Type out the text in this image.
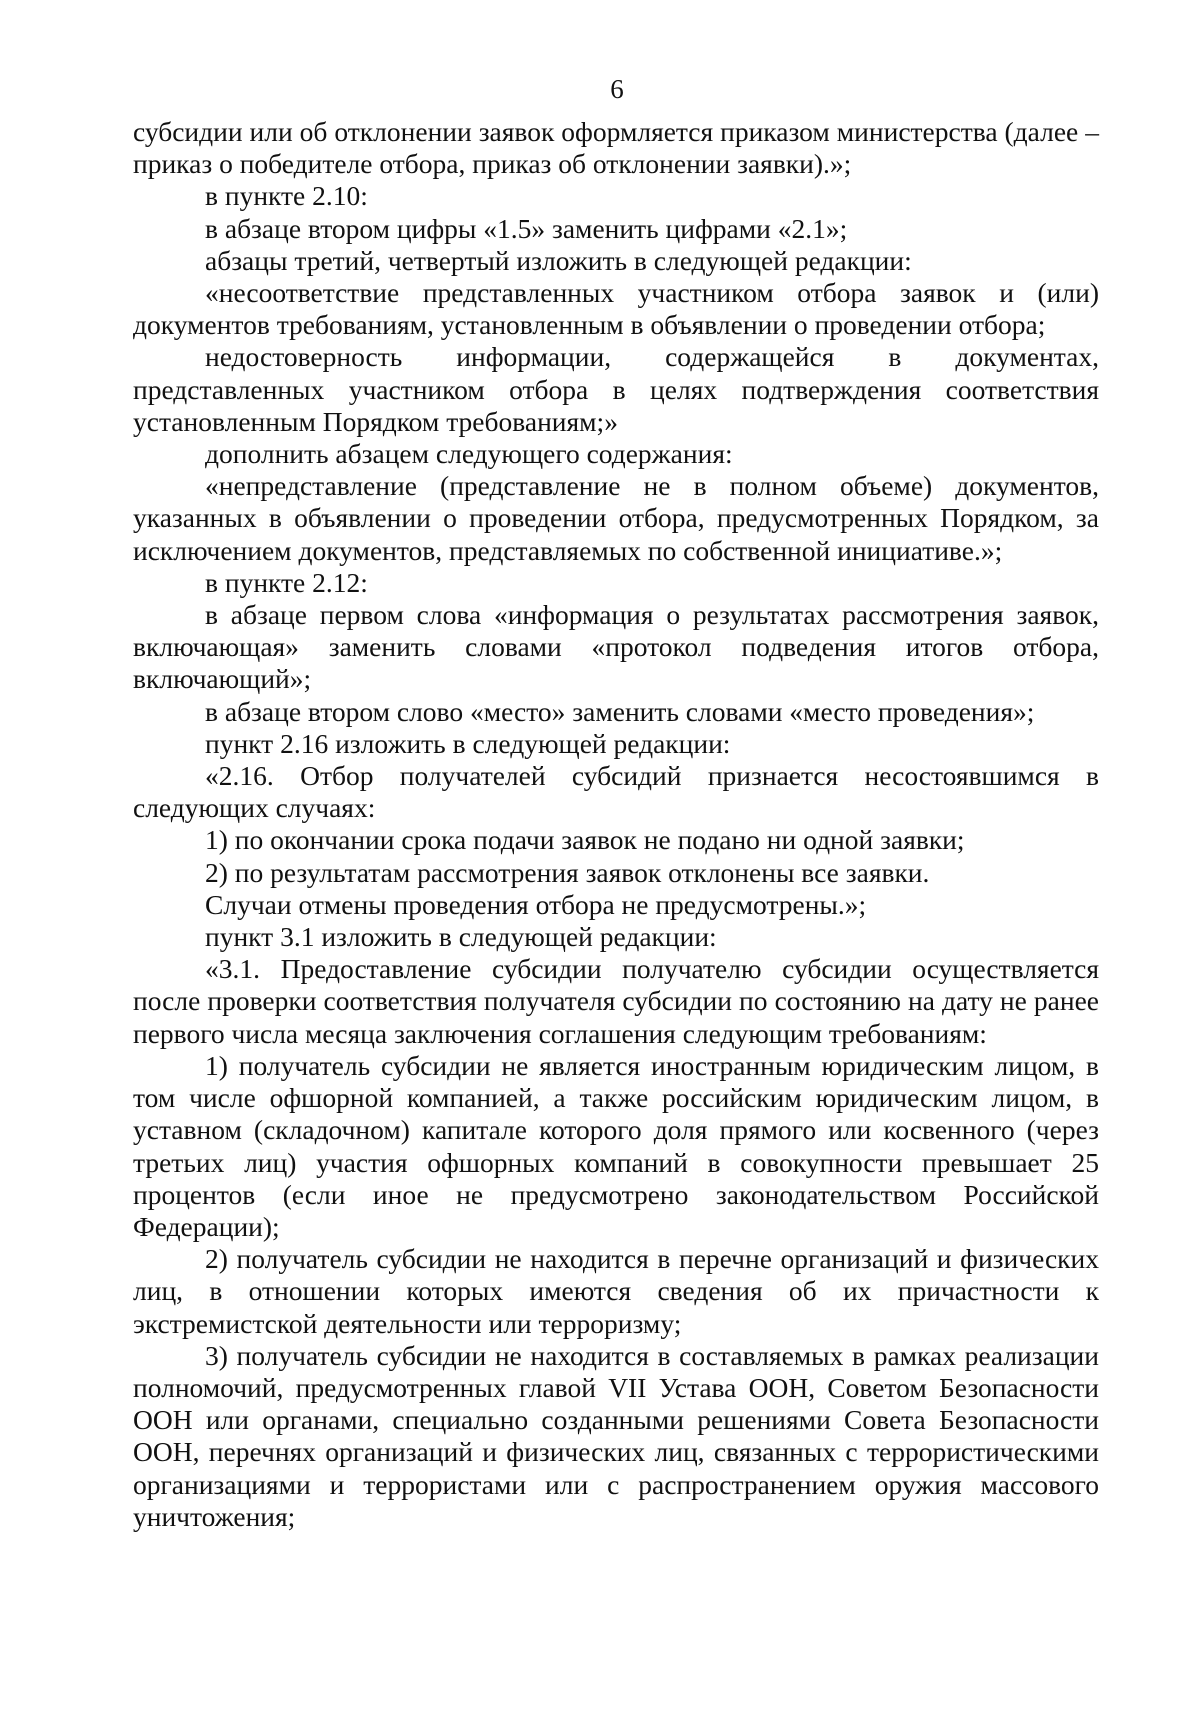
6

субсидии или об отклонении заявок оформляется приказом министерства (далее – приказ о победителе отбора, приказ об отклонении заявки).»;

в пункте 2.10:

в абзаце втором цифры «1.5» заменить цифрами «2.1»;

абзацы третий, четвертый изложить в следующей редакции:

«несоответствие представленных участником отбора заявок и (или) документов требованиям, установленным в объявлении о проведении отбора;

недостоверность информации, содержащейся в документах, представленных участником отбора в целях подтверждения соответствия установленным Порядком требованиям;»

дополнить абзацем следующего содержания:

«непредставление (представление не в полном объеме) документов, указанных в объявлении о проведении отбора, предусмотренных Порядком, за исключением документов, представляемых по собственной инициативе.»;

в пункте 2.12:

в абзаце первом слова «информация о результатах рассмотрения заявок, включающая» заменить словами «протокол подведения итогов отбора, включающий»;

в абзаце втором слово «место» заменить словами «место проведения»;

пункт 2.16 изложить в следующей редакции:

«2.16. Отбор получателей субсидий признается несостоявшимся в следующих случаях:

1) по окончании срока подачи заявок не подано ни одной заявки;

2) по результатам рассмотрения заявок отклонены все заявки.

Случаи отмены проведения отбора не предусмотрены.»;

пункт 3.1 изложить в следующей редакции:

«3.1. Предоставление субсидии получателю субсидии осуществляется после проверки соответствия получателя субсидии по состоянию на дату не ранее первого числа месяца заключения соглашения следующим требованиям:

1) получатель субсидии не является иностранным юридическим лицом, в том числе офшорной компанией, а также российским юридическим лицом, в уставном (складочном) капитале которого доля прямого или косвенного (через третьих лиц) участия офшорных компаний в совокупности превышает 25 процентов (если иное не предусмотрено законодательством Российской Федерации);

2) получатель субсидии не находится в перечне организаций и физических лиц, в отношении которых имеются сведения об их причастности к экстремистской деятельности или терроризму;

3) получатель субсидии не находится в составляемых в рамках реализации полномочий, предусмотренных главой VII Устава ООН, Советом Безопасности ООН или органами, специально созданными решениями Совета Безопасности ООН, перечнях организаций и физических лиц, связанных с террористическими организациями и террористами или с распространением оружия массового уничтожения;
